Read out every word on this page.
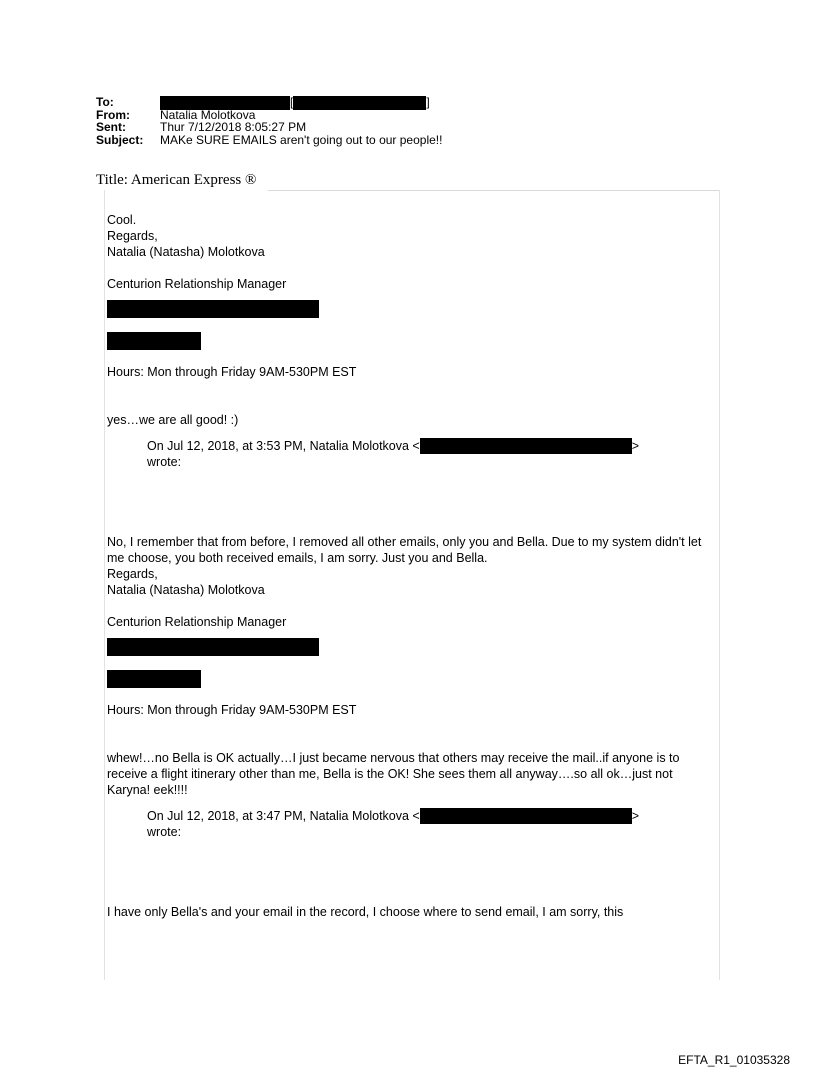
To:	[	]
From:	Natalia Molotkova
Sent:	Thur 7/12/2018 8:05:27 PM
Subject: MAKe SURE EMAILS aren't going out to our people!!
Title: American Express ®

Cool.

Regards,

Natalia (Natasha) Molotkova

Centurion Relationship Manager

Hours: Mon through Friday 9AM-530PM EST

yes…we are all good! :)

On Jul 12, 2018, at 3:53 PM, Natalia Molotkova <	>

wrote:

No, I remember that from before, I removed all other emails, only you and Bella. Due to my system didn't let me choose, you both received emails, I am sorry. Just you and Bella.

Regards,

Natalia (Natasha) Molotkova

Centurion Relationship Manager

Hours: Mon through Friday 9AM-530PM EST

whew!…no Bella is OK actually…I just became nervous that others may receive the mail..if anyone is to receive a flight itinerary other than me, Bella is the OK! She sees them all anyway….so all ok…just not Karyna! eek!!!!

On Jul 12, 2018, at 3:47 PM, Natalia Molotkova <	>

wrote:

I have only Bella's and your email in the record, I choose where to send email, I am sorry, this

EFTA_R1_01035328
